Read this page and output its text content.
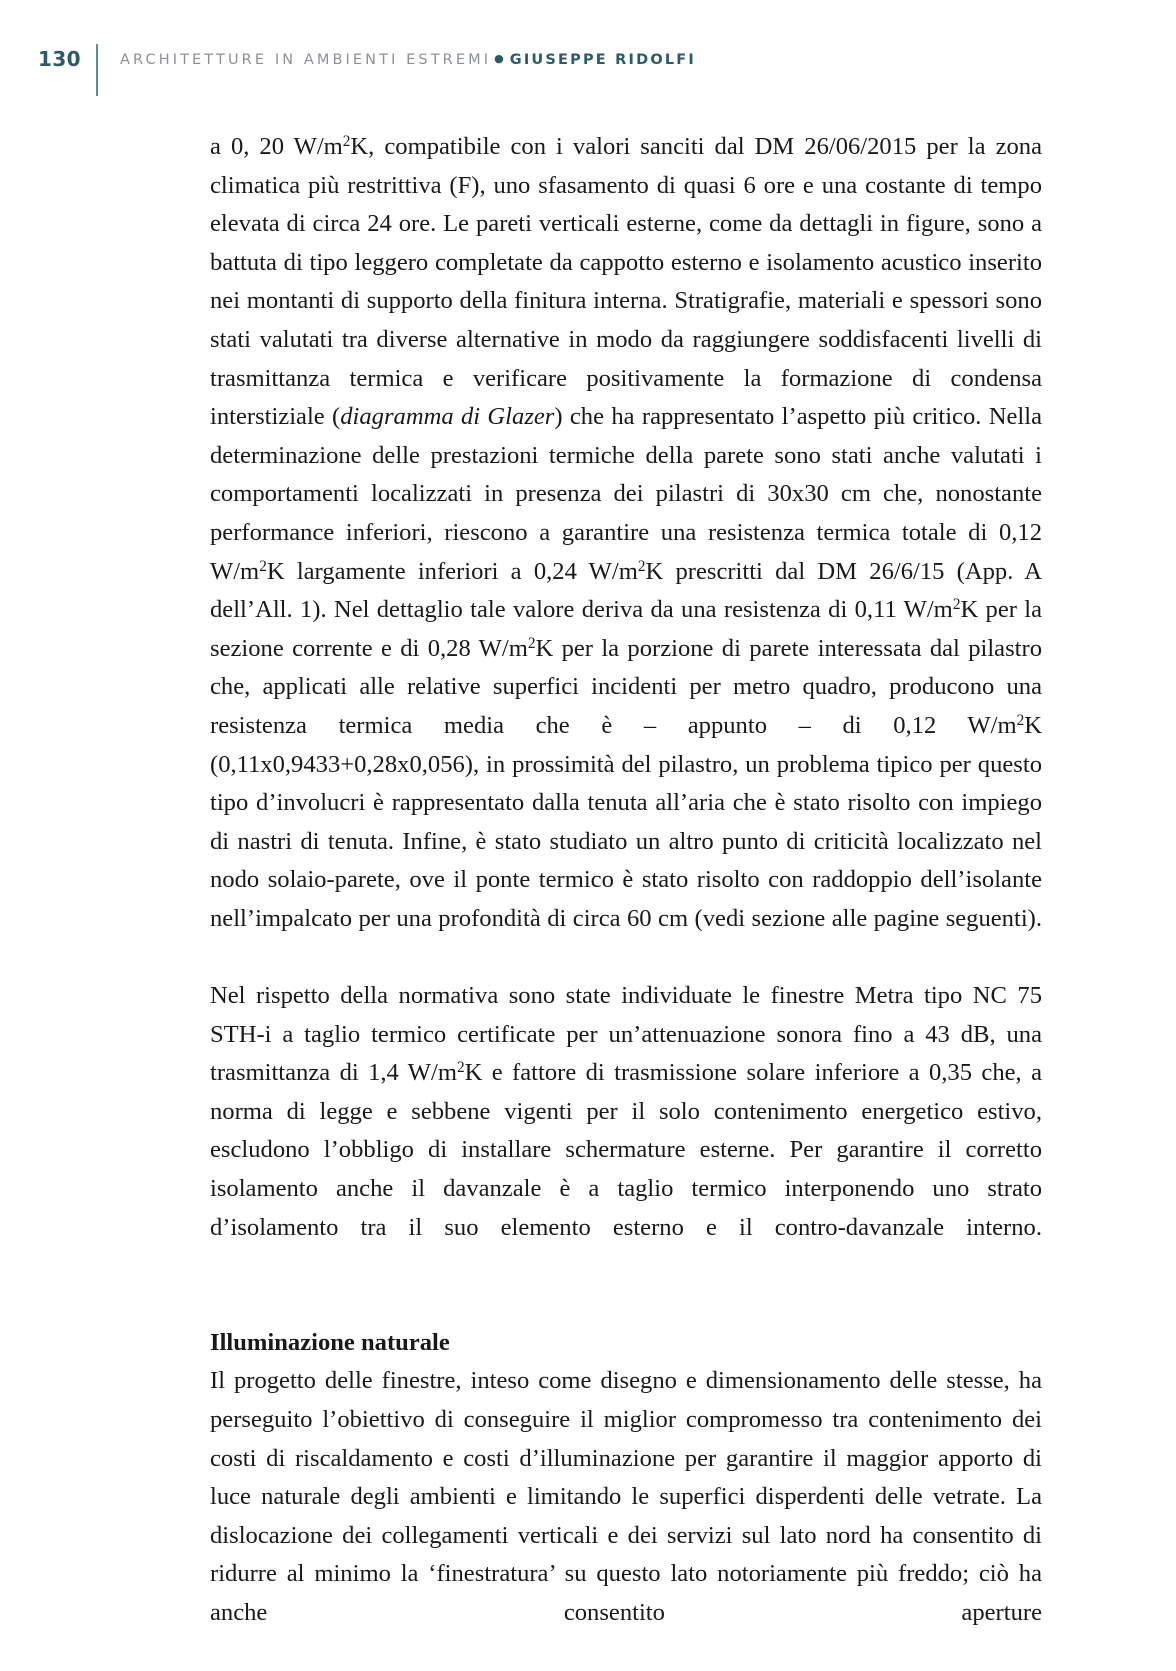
130	ARCHITETTURE IN AMBIENTI ESTREMI ● GIUSEPPE RIDOLFI

a 0, 20 $W/m^2K$, compatibile con i valori sanciti dal DM 26/06/2015 per la zona climatica più restrittiva (F), uno sfasamento di quasi 6 ore e una costante di tempo elevata di circa 24 ore. Le pareti verticali esterne, come da dettagli in figure, sono a battuta di tipo leggero completate da cappotto esterno e isolamento acustico inserito nei montanti di supporto della finitura interna. Stratigrafie, materiali e spessori sono stati valutati tra diverse alternative in modo da raggiungere soddisfacenti livelli di trasmittanza termica e verificare positivamente la formazione di condensa interstiziale (diagramma di Glazer) che ha rappresentato l’aspetto più critico. Nella determinazione delle prestazioni termiche della parete sono stati anche valutati i comportamenti localizzati in presenza dei pilastri di 30x30 cm che, nonostante performance inferiori, riescono a garantire una resistenza termica totale di 0,12 $W/m^2K$ largamente inferiori a 0,24 $W/m^2K$ prescritti dal DM 26/6/15 (App. A dell’All. 1). Nel dettaglio tale valore deriva da una resistenza di 0,11 $W/m^2K$ per la sezione corrente e di 0,28 $W/m^2K$ per la porzione di parete interessata dal pilastro che, applicati alle relative superfici incidenti per metro quadro, producono una resistenza termica media che è – appunto – di 0,12 $W/m^2K$ (0,11x0,9433+0,28x0,056), in prossimità del pilastro, un problema tipico per questo tipo d’involucri è rappresentato dalla tenuta all’aria che è stato risolto con impiego di nastri di tenuta. Infine, è stato studiato un altro punto di criticità localizzato nel nodo solaio-parete, ove il ponte termico è stato risolto con raddoppio dell’isolante nell’impalcato per una profondità di circa 60 cm (vedi sezione alle pagine seguenti).

Nel rispetto della normativa sono state individuate le finestre Metra tipo NC 75 STH-i a taglio termico certificate per un’attenuazione sonora fino a 43 dB, una trasmittanza di 1,4 $W/m^2K$ e fattore di trasmissione solare inferiore a 0,35 che, a norma di legge e sebbene vigenti per il solo contenimento energetico estivo, escludono l’obbligo di installare schermature esterne. Per garantire il corretto isolamento anche il davanzale è a taglio termico interponendo uno strato d’isolamento tra il suo elemento esterno e il contro-davanzale interno.

Illuminazione naturale

Il progetto delle finestre, inteso come disegno e dimensionamento delle stesse, ha perseguito l’obiettivo di conseguire il miglior compromesso tra contenimento dei costi di riscaldamento e costi d’illuminazione per garantire il maggior apporto di luce naturale degli ambienti e limitando le superfici disperdenti delle vetrate. La dislocazione dei collegamenti verticali e dei servizi sul lato nord ha consentito di ridurre al minimo la ‘finestratura’ su questo lato notoriamente più freddo; ciò ha anche consentito aperture
